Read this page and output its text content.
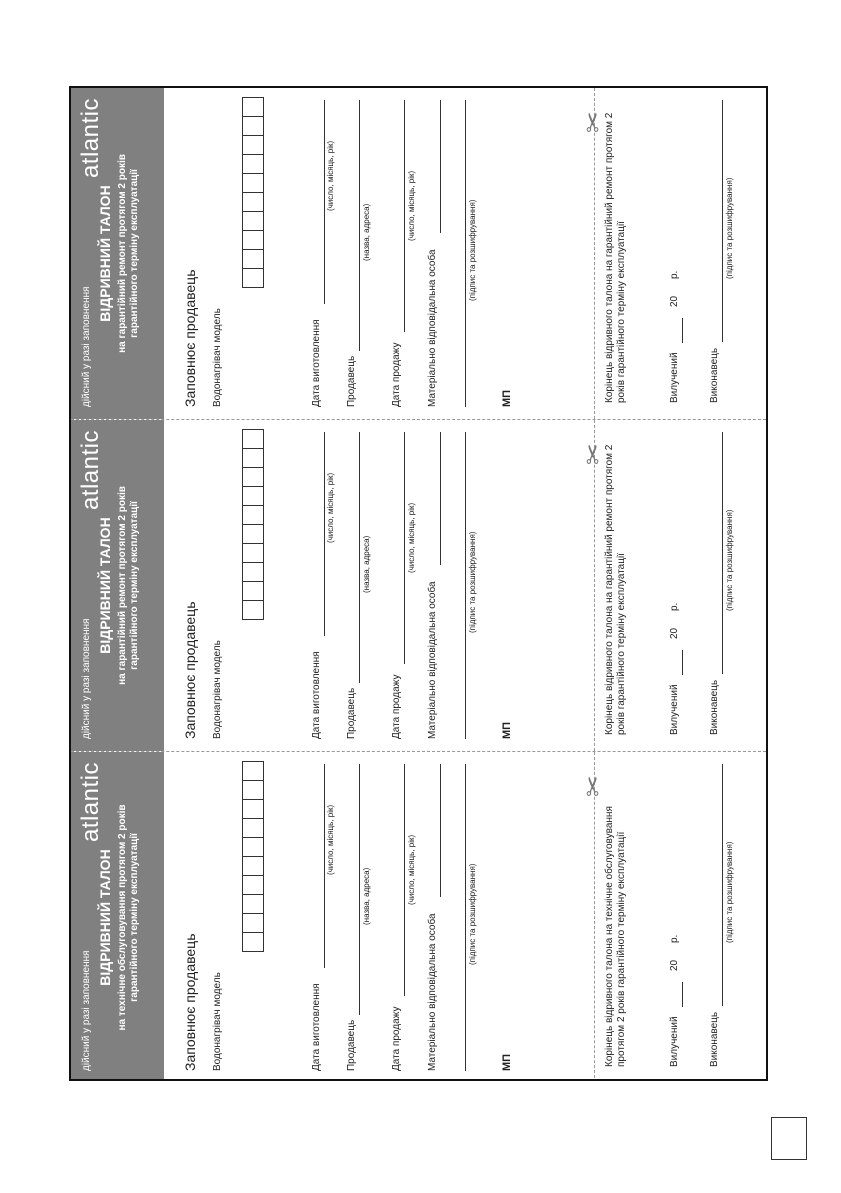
дійсний у разі заповнення
atlantic
ВІДРИВНИЙ ТАЛОН на гарантійний ремонт протягом 2 років гарантійного терміну експлуатації
Заповнює продавець Водонагрівач модель	Дата виготовлення
(число, місяць, рік)
Продавець
(назва, адреса)
Дата продажу
(число, місяць, рік)
Матеріально відповідальна особа	(підпис та розшифрування)
МП
✂
Корінець відривного талона на гарантійний ремонт протягом 2 років гарантійного терміну експлуатації	Вилучений
20
р.
Виконавець
(підпис та розшифрування)
дійсний у разі заповнення
atlantic
ВІДРИВНИЙ ТАЛОН на гарантійний ремонт протягом 2 років гарантійного терміну експлуатації
Заповнює продавець Водонагрівач модель	Дата виготовлення
(число, місяць, рік)
Продавець
(назва, адреса)
Дата продажу
(число, місяць, рік)
Матеріально відповідальна особа	(підпис та розшифрування)
МП
✂
Корінець відривного талона на гарантійний ремонт протягом 2 років гарантійного терміну експлуатації	Вилучений
20
р.
Виконавець
(підпис та розшифрування)
дійсний у разі заповнення
atlantic
ВІДРИВНИЙ ТАЛОН на технічне обслуговування протягом 2 років гарантійного терміну експлуатації
Заповнює продавець Водонагрівач модель	Дата виготовлення
(число, місяць, рік)
Продавець
(назва, адреса)
Дата продажу
(число, місяць, рік)
Матеріально відповідальна особа	(підпис та розшифрування)
МП
✂
Корінець відривного талона на технічне обслуговування протягом 2 років гарантійного терміну експлуатації	Вилучений
20
р.
Виконавець
(підпис та розшифрування)
